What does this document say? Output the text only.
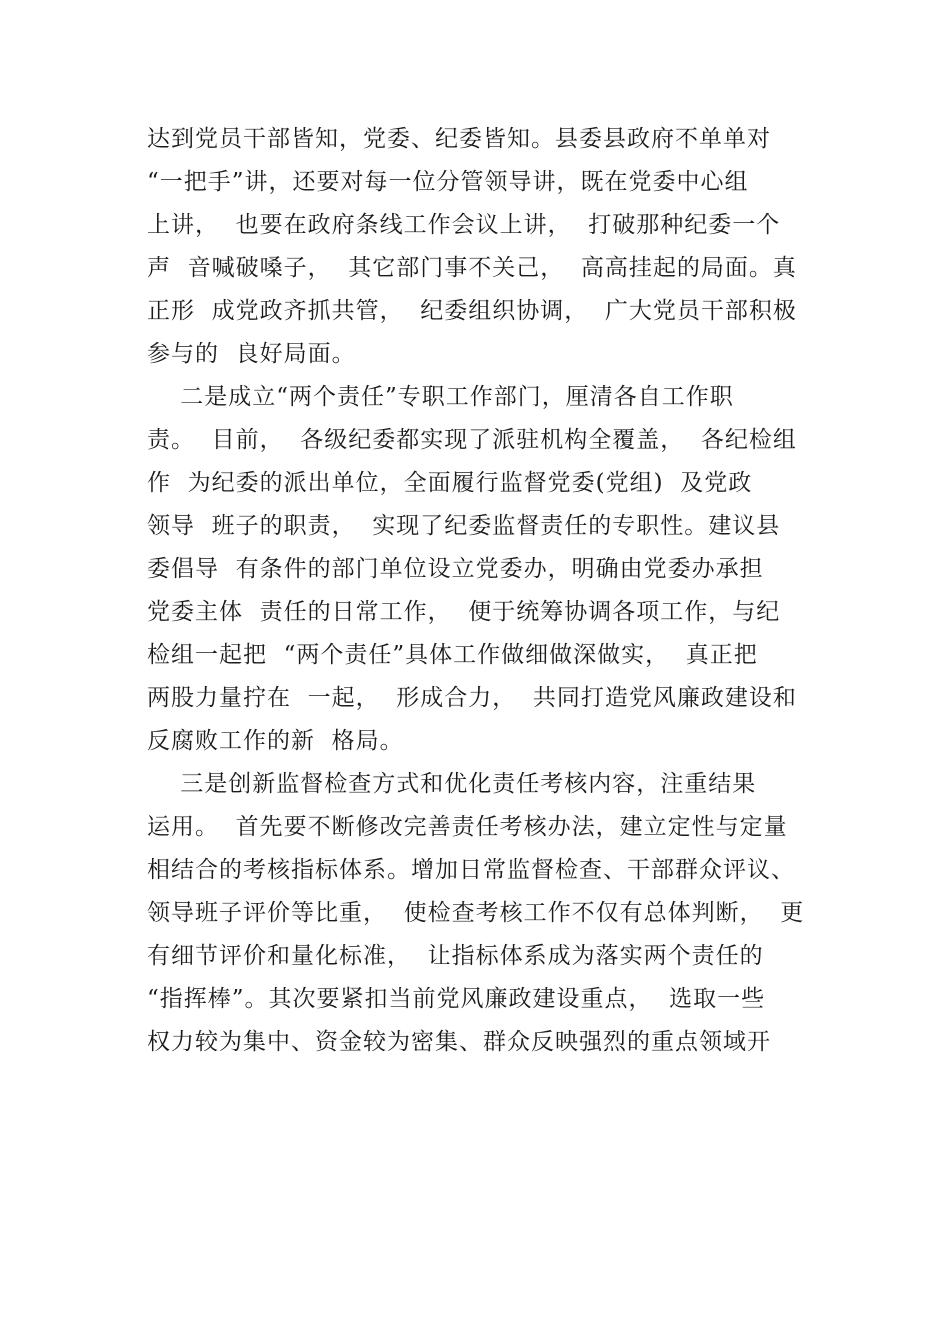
达到党员干部皆知，党委、纪委皆知。县委县政府不单单对
“一把手”讲，还要对每一位分管领导讲，既在党委中心组
上讲，  也要在政府条线工作会议上讲，  打破那种纪委一个
声  音喊破嗓子，  其它部门事不关己，  高高挂起的局面。真
正形  成党政齐抓共管，  纪委组织协调，  广大党员干部积极
参与的  良好局面。
二是成立“两个责任”专职工作部门，厘清各自工作职
责。  目前，  各级纪委都实现了派驻机构全覆盖，  各纪检组
作  为纪委的派出单位，全面履行监督党委(党组)  及党政
领导  班子的职责，  实现了纪委监督责任的专职性。建议县
委倡导  有条件的部门单位设立党委办，明确由党委办承担
党委主体  责任的日常工作，  便于统筹协调各项工作，与纪
检组一起把  “两个责任”具体工作做细做深做实，  真正把
两股力量拧在  一起，  形成合力，  共同打造党风廉政建设和
反腐败工作的新  格局。
三是创新监督检查方式和优化责任考核内容，注重结果
运用。  首先要不断修改完善责任考核办法，建立定性与定量
相结合的考核指标体系。增加日常监督检查、干部群众评议、
领导班子评价等比重，  使检查考核工作不仅有总体判断，  更
有细节评价和量化标准，  让指标体系成为落实两个责任的
“指挥棒”。其次要紧扣当前党风廉政建设重点，  选取一些
权力较为集中、资金较为密集、群众反映强烈的重点领域开
